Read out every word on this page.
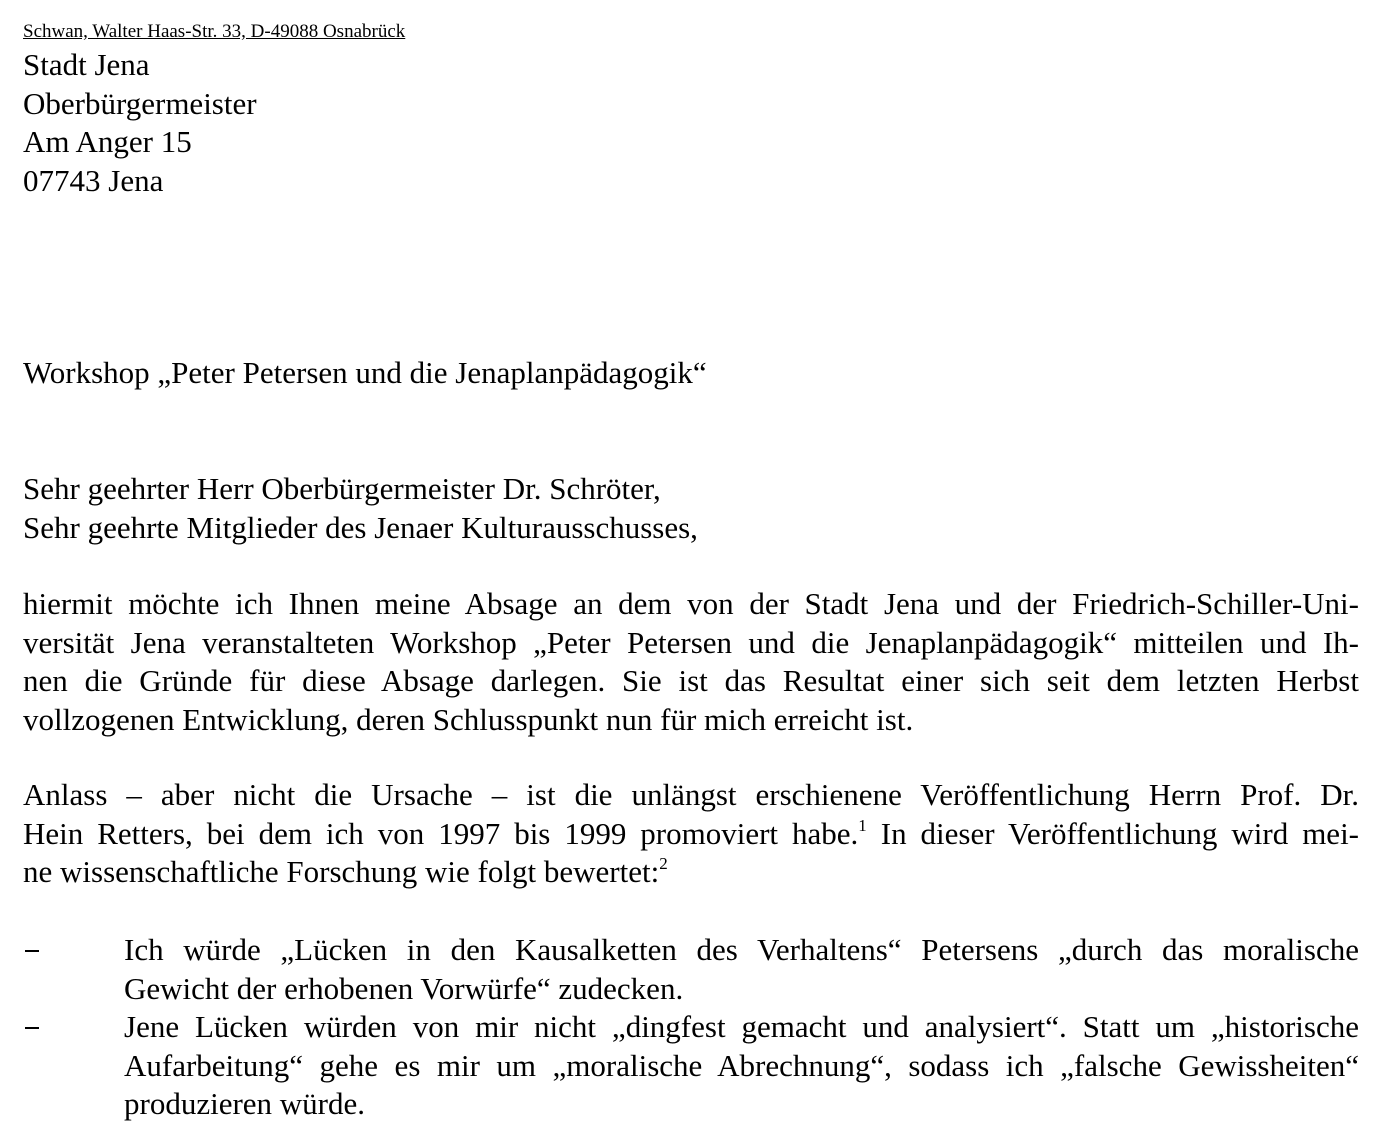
Schwan, Walter Haas-Str. 33, D-49088 Osnabrück
Stadt Jena
Oberbürgermeister
Am Anger 15
07743 Jena
Workshop „Peter Petersen und die Jenaplanpädagogik“
Sehr geehrter Herr Oberbürgermeister Dr. Schröter,
Sehr geehrte Mitglieder des Jenaer Kulturausschusses,
hiermit möchte ich Ihnen meine Absage an dem von der Stadt Jena und der Friedrich-Schiller-Uni-
versität Jena veranstalteten Workshop „Peter Petersen und die Jenaplanpädagogik“ mitteilen und Ih-
nen die Gründe für diese Absage darlegen. Sie ist das Resultat einer sich seit dem letzten Herbst
vollzogenen Entwicklung, deren Schlusspunkt nun für mich erreicht ist.
Anlass – aber nicht die Ursache – ist die unlängst erschienene Veröffentlichung Herrn Prof. Dr.
Hein Retters, bei dem ich von 1997 bis 1999 promoviert habe.$^1$ In dieser Veröffentlichung wird mei-
ne wissenschaftliche Forschung wie folgt bewertet:$^2$
Ich würde „Lücken in den Kausalketten des Verhaltens“ Petersens „durch das moralische
Gewicht der erhobenen Vorwürfe“ zudecken.
Jene Lücken würden von mir nicht „dingfest gemacht und analysiert“. Statt um „historische
Aufarbeitung“ gehe es mir um „moralische Abrechnung“, sodass ich „falsche Gewissheiten“
produzieren würde.
